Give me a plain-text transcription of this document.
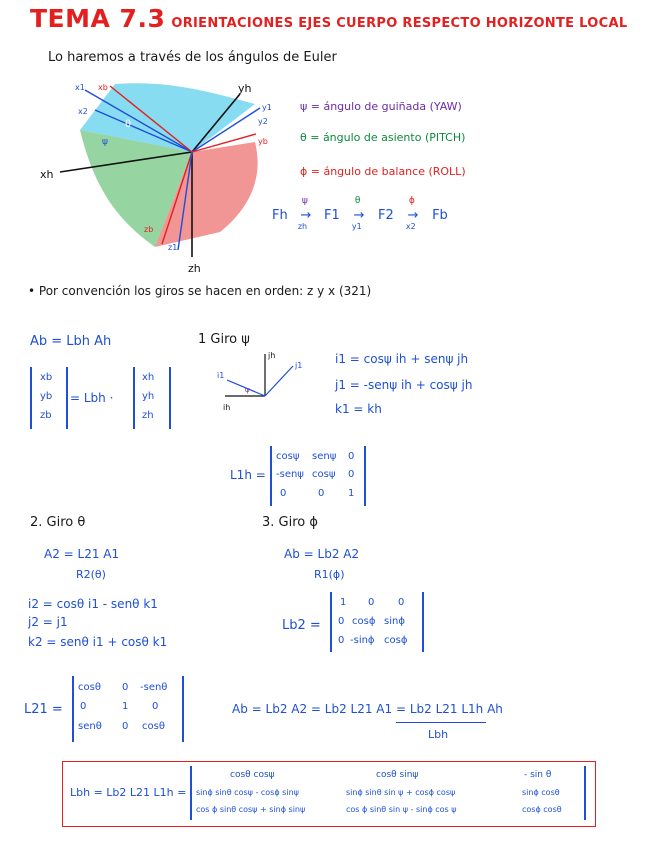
TEMA 7.3 ORIENTACIONES EJES CUERPO RESPECTO HORIZONTE LOCAL
Lo haremos a través de los ángulos de Euler
xh
yh
zh
x1 xb
x2	y1
y2
yb
zb
z1
θ
ψ
ψ = ángulo de guiñada (YAW)
θ = ángulo de asiento (PITCH)
ϕ = ángulo de balance (ROLL)
Fh
ψ
→
zh
F1
θ
→
y1
F2
ϕ
→
x2
Fb
• Por convención los giros se hacen en orden: z y x (321)
Ab = Lbh Ah
xb
yb
zb
= Lbh ·
xh
yh
zh
1 Giro ψ
jh
j1
i1
ih
ψ
i1 = cosψ ih + senψ jh
j1 = -senψ ih + cosψ jh
k1 = kh
L1h =
cosψ senψ 0
-senψ cosψ 0
0	0 1
2. Giro θ
A2 = L21 A1
R2(θ)
i2 = cosθ i1 - senθ k1
j2 = j1
k2 = senθ i1 + cosθ k1
L21 =
cosθ 0 -senθ
0	1 0
senθ 0 cosθ
3. Giro ϕ
Ab = Lb2 A2
R1(ϕ)
Lb2 =
1 0 0
0 cosϕ sinϕ
0 -sinϕ cosϕ
Ab = Lb2 A2 = Lb2 L21 A1 = Lb2 L21 L1h Ah
Lbh
Lbh = Lb2 L21 L1h =
cosθ cosψ	cosθ sinψ	- sin θ
sinϕ sinθ cosψ - cosϕ sinψ	sinϕ sinθ sin ψ + cosϕ cosψ	sinϕ cosθ
cos ϕ sinθ cosψ + sinϕ sinψ	cos ϕ sinθ sin ψ - sinϕ cos ψ	cosϕ cosθ
